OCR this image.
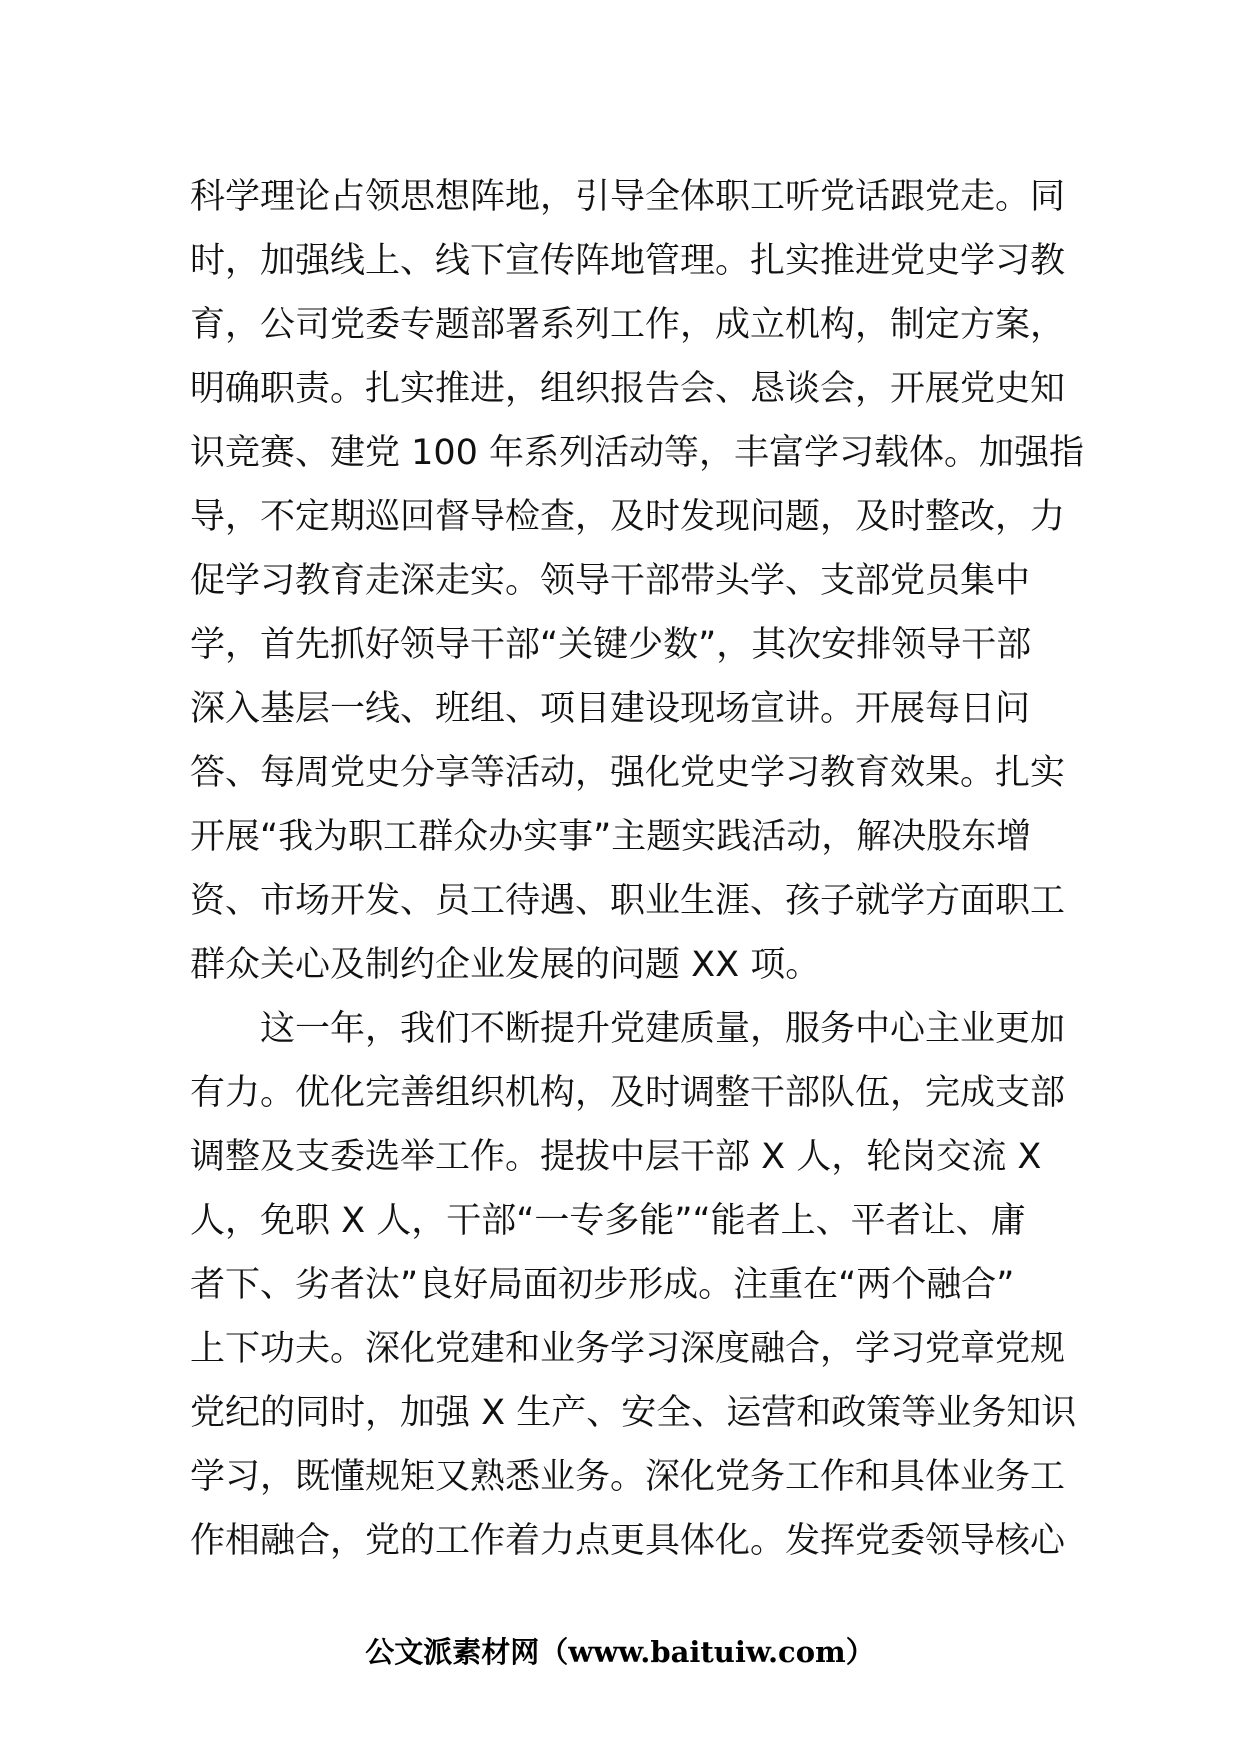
科学理论占领思想阵地，引导全体职工听党话跟党走。同
时，加强线上、线下宣传阵地管理。扎实推进党史学习教
育，公司党委专题部署系列工作，成立机构，制定方案，
明确职责。扎实推进，组织报告会、恳谈会，开展党史知
识竞赛、建党 100 年系列活动等，丰富学习载体。加强指
导，不定期巡回督导检查，及时发现问题，及时整改，力
促学习教育走深走实。领导干部带头学、支部党员集中
学，首先抓好领导干部“关键少数”，其次安排领导干部
深入基层一线、班组、项目建设现场宣讲。开展每日问
答、每周党史分享等活动，强化党史学习教育效果。扎实
开展“我为职工群众办实事”主题实践活动，解决股东增
资、市场开发、员工待遇、职业生涯、孩子就学方面职工
群众关心及制约企业发展的问题 XX 项。
　　这一年，我们不断提升党建质量，服务中心主业更加
有力。优化完善组织机构，及时调整干部队伍，完成支部
调整及支委选举工作。提拔中层干部 X 人，轮岗交流 X
人，免职 X 人，干部“一专多能”“能者上、平者让、庸
者下、劣者汰”良好局面初步形成。注重在“两个融合”
上下功夫。深化党建和业务学习深度融合，学习党章党规
党纪的同时，加强 X 生产、安全、运营和政策等业务知识
学习，既懂规矩又熟悉业务。深化党务工作和具体业务工
作相融合，党的工作着力点更具体化。发挥党委领导核心
公文派素材网（www.baituiw.com）
